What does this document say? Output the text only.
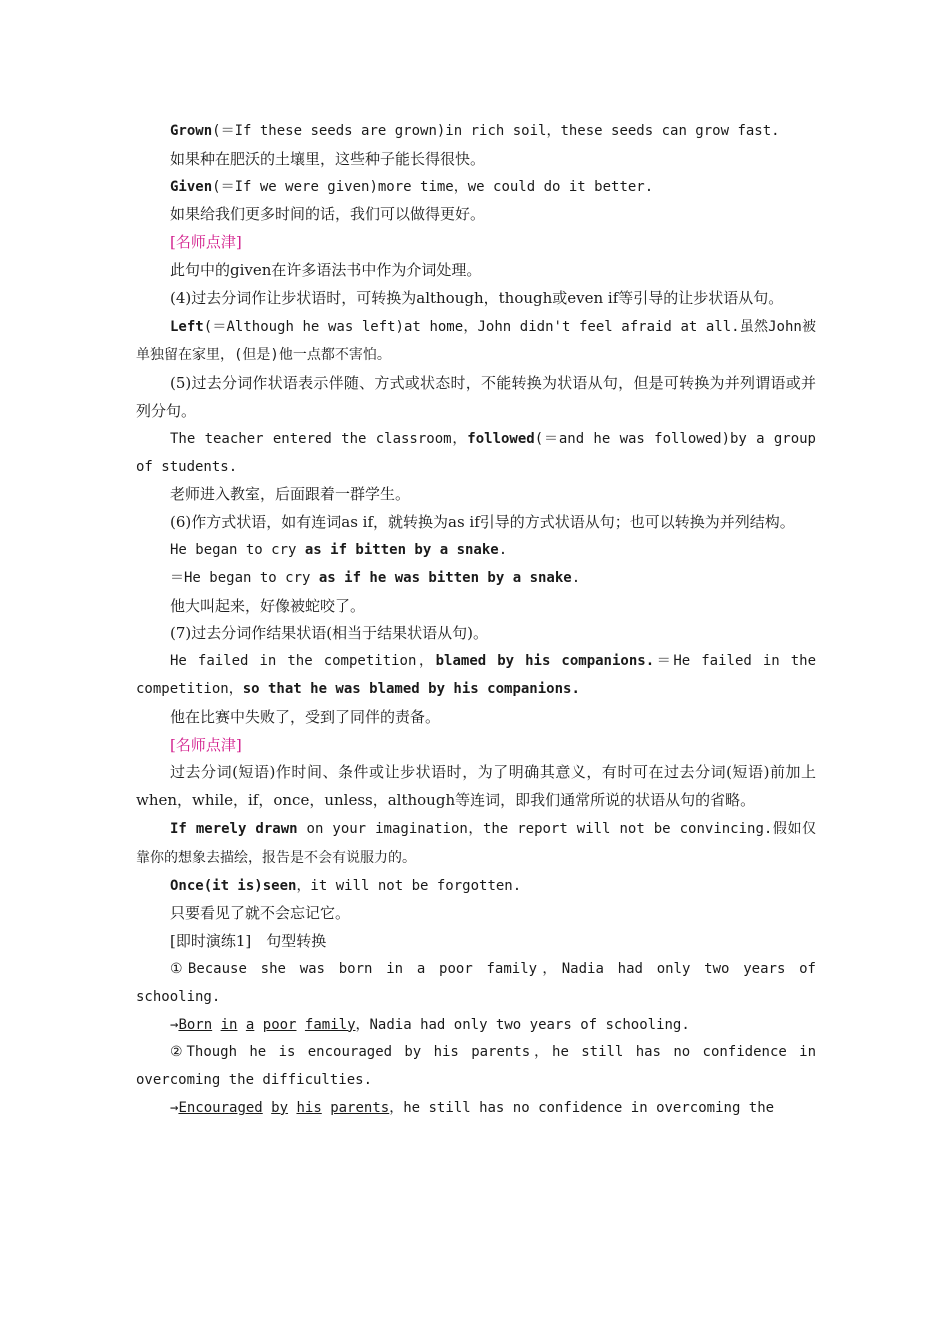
Grown(＝If these seeds are grown)in rich soil，these seeds can grow fast.

如果种在肥沃的土壤里，这些种子能长得很快。

Given(＝If we were given)more time，we could do it better.

如果给我们更多时间的话，我们可以做得更好。

[名师点津]

此句中的given在许多语法书中作为介词处理。

(4)过去分词作让步状语时，可转换为although，though或even if等引导的让步状语从句。

Left(＝Although he was left)at home，John didn't feel afraid at all.虽然John被单独留在家里，(但是)他一点都不害怕。

(5)过去分词作状语表示伴随、方式或状态时，不能转换为状语从句，但是可转换为并列谓语或并列分句。

The teacher entered the classroom，followed(＝and he was followed)by a group of students.

老师进入教室，后面跟着一群学生。

(6)作方式状语，如有连词as if，就转换为as if引导的方式状语从句；也可以转换为并列结构。

He began to cry as if bitten by a snake.

＝He began to cry as if he was bitten by a snake.

他大叫起来，好像被蛇咬了。

(7)过去分词作结果状语(相当于结果状语从句)。

He failed in the competition，blamed by his companions.＝He failed in the competition，so that he was blamed by his companions.

他在比赛中失败了，受到了同伴的责备。

[名师点津]

过去分词(短语)作时间、条件或让步状语时，为了明确其意义，有时可在过去分词(短语)前加上when，while，if，once，unless，although等连词，即我们通常所说的状语从句的省略。

If merely drawn on your imagination，the report will not be convincing.假如仅靠你的想象去描绘，报告是不会有说服力的。

Once(it is)seen，it will not be forgotten.

只要看见了就不会忘记它。

[即时演练1]　句型转换

①Because she was born in a poor family，Nadia had only two years of schooling.

→Born in a poor family，Nadia had only two years of schooling.

②Though he is encouraged by his parents，he still has no confidence in overcoming the difficulties.

→Encouraged by his parents，he still has no confidence in overcoming the
